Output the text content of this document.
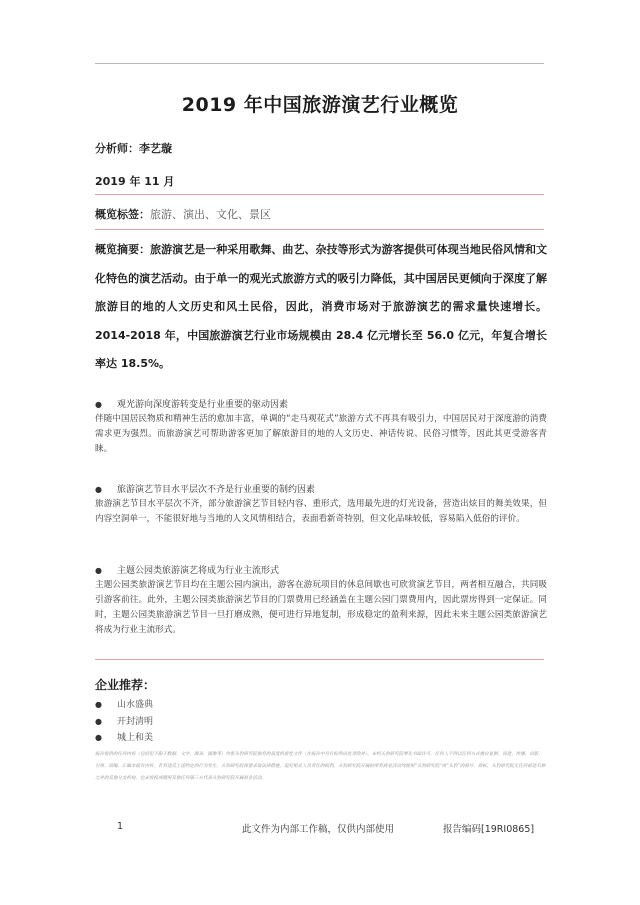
2019 年中国旅游演艺行业概览
分析师：李艺璇
2019 年 11 月
概览标签：旅游、演出、文化、景区

概览摘要：旅游演艺是一种采用歌舞、曲艺、杂技等形式为游客提供可体现当地民俗风情和文化特色的演艺活动。由于单一的观光式旅游方式的吸引力降低，其中国居民更倾向于深度了解旅游目的地的人文历史和风土民俗，因此，消费市场对于旅游演艺的需求量快速增长。2014-2018 年，中国旅游演艺行业市场规模由 28.4 亿元增长至 56.0 亿元，年复合增长率达 18.5%。

● 观光游向深度游转变是行业重要的驱动因素

伴随中国居民物质和精神生活的愈加丰富，单调的“走马观花式”旅游方式不再具有吸引力，中国居民对于深度游的消费需求更为强烈。而旅游演艺可帮助游客更加了解旅游目的地的人文历史、神话传说、民俗习惯等，因此其更受游客青睐。

● 旅游演艺节目水平层次不齐是行业重要的制约因素

旅游演艺节目水平层次不齐，部分旅游演艺节目轻内容、重形式，选用最先进的灯光设备，营造出炫目的舞美效果，但内容空洞单一，不能很好地与当地的人文风情相结合，表面看新奇特别，但文化品味较低，容易陷入低俗的评价。

● 主题公园类旅游演艺将成为行业主流形式

主题公园类旅游演艺节目均在主题公园内演出，游客在游玩项目的休息间歇也可欣赏演艺节目，两者相互融合，共同吸引游客前往。此外，主题公园类旅游演艺节目的门票费用已经涵盖在主题公园门票费用内，因此票房得到一定保证。同时，主题公园类旅游演艺节目一旦打磨成熟，便可进行异地复制，形成稳定的盈利来源，因此未来主题公园类旅游演艺将成为行业主流形式。

企业推荐：
● 山水盛典
● 开封清明
● 城上和美

报告提供的任何内容（包括但不限于数据、文字、图表、图像等）均系头豹研究院独有的高度机密性文件（在报告中另行标明出处者除外）。未经头豹研究院事先书面许可，任何人不得以任何方式擅自复制、再造、传播、出版、引用、改编、汇编本报告内容，若有违反上述约定的行为发生，头豹研究院保留采取法律措施，追究相关人员责任的权利。头豹研究院开展的所有商业活动均使用“头豹研究院”或“头豹”的商号、商标，头豹研究院无任何前述名称之外的其他分支机构，也未授权或聘用其他任何第三方代表头豹研究院开展商业活动。

1	此文件为内部工作稿，仅供内部使用	报告编码[19RI0865]
